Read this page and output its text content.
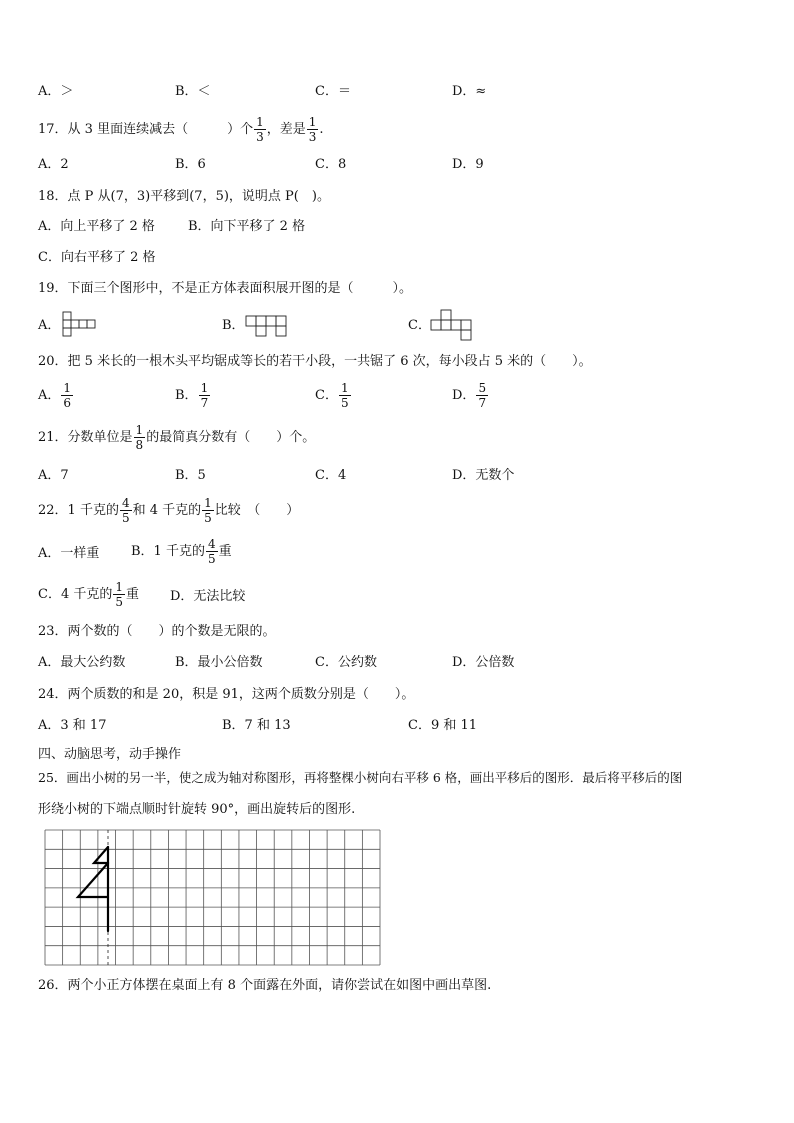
A．＞	B．＜	C．＝	D．≈
17．从 3 里面连续减去（　　　）个 $\frac{1}{3}$ ，差是 $\frac{1}{3}$ .
A．2	B．6	C．8	D．9
18．点 P 从(7，3)平移到(7，5)，说明点 P(　)。
A．向上平移了 2 格	B．向下平移了 2 格
C．向右平移了 2 格
19．下面三个图形中，不是正方体表面积展开图的是（　　　）。
A．	B．	C．
20．把 5 米长的一根木头平均锯成等长的若干小段，一共锯了 6 次，每小段占 5 米的（　　）。
A． $\frac{1}{6}$	B． $\frac{1}{7}$	C． $\frac{1}{5}$	D． $\frac{5}{7}$
21．分数单位是 $\frac{1}{8}$ 的最简真分数有（　　）个。
A．7	B．5	C．4	D．无数个
22．1 千克的 $\frac{4}{5}$ 和 4 千克的 $\frac{1}{5}$ 比较　（　　）
A．一样重 B．1 千克的 $\frac{4}{5}$ 重
C．4 千克的 $\frac{1}{5}$ 重 D．无法比较
23．两个数的（　　）的个数是无限的。
A．最大公约数	B．最小公倍数	C．公约数	D．公倍数
24．两个质数的和是 20，积是 91，这两个质数分别是（　　）。
A．3 和 17	B．7 和 13	C．9 和 11
四、动脑思考，动手操作
25．画出小树的另一半，使之成为轴对称图形，再将整棵小树向右平移 6 格，画出平移后的图形．最后将平移后的图
形绕小树的下端点顺时针旋转 90°，画出旋转后的图形.
26．两个小正方体摆在桌面上有 8 个面露在外面，请你尝试在如图中画出草图.
